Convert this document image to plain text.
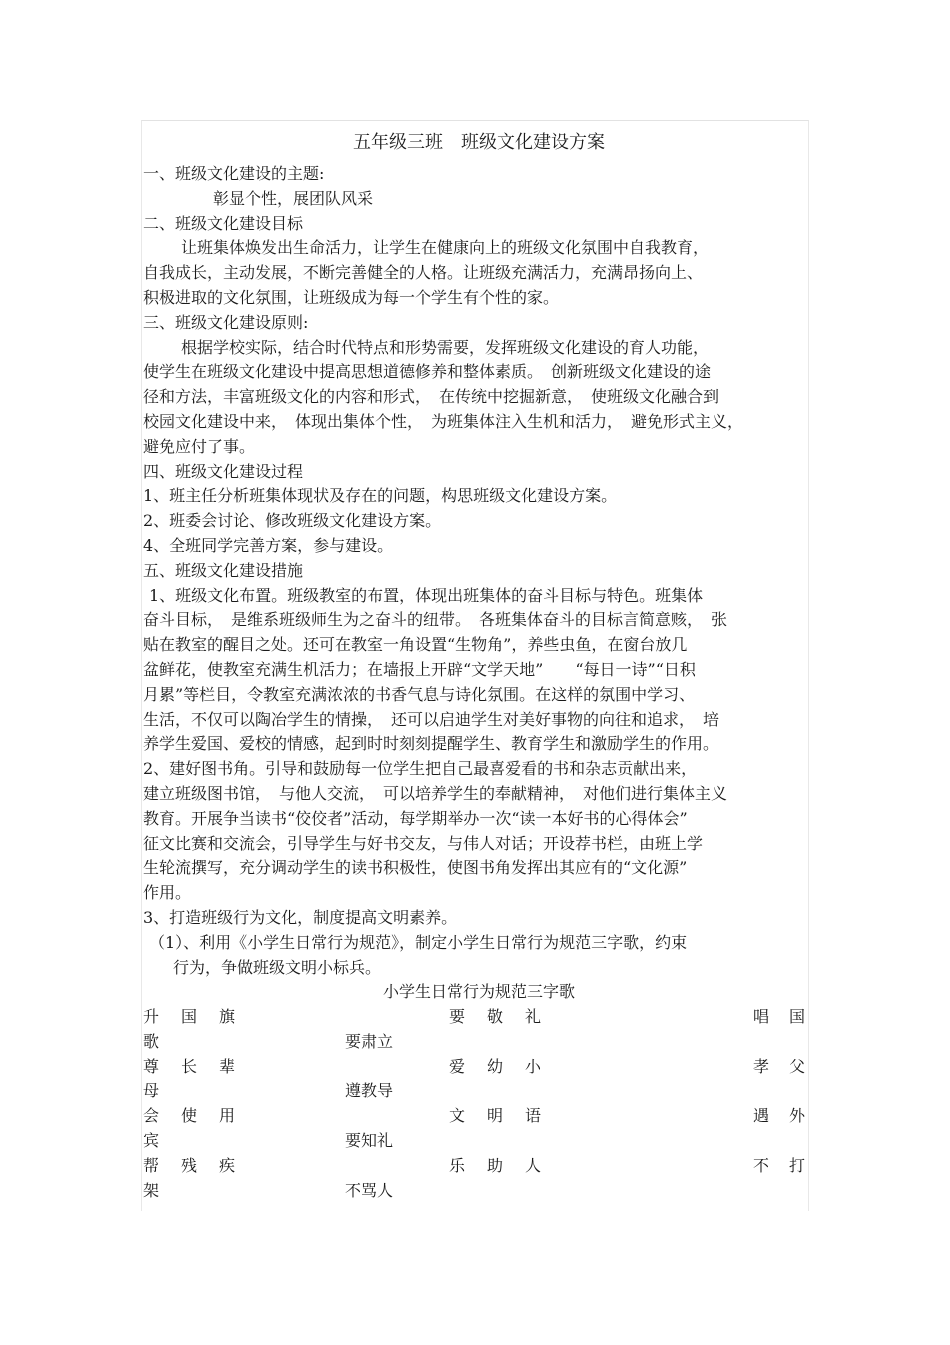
五年级三班　班级文化建设方案
一、班级文化建设的主题:
彰显个性，展团队风采
二、班级文化建设目标
让班集体焕发出生命活力，让学生在健康向上的班级文化氛围中自我教育，
自我成长，主动发展，不断完善健全的人格。让班级充满活力，充满昂扬向上、
积极进取的文化氛围，让班级成为每一个学生有个性的家。
三、班级文化建设原则:
根据学校实际，结合时代特点和形势需要，发挥班级文化建设的育人功能，
使学生在班级文化建设中提高思想道德修养和整体素质。　创新班级文化建设的途
径和方法，丰富班级文化的内容和形式，　在传统中挖掘新意，　使班级文化融合到
校园文化建设中来，　体现出集体个性，　为班集体注入生机和活力，　避免形式主义，
避免应付了事。
四、班级文化建设过程
1、班主任分析班集体现状及存在的问题，构思班级文化建设方案。
2、班委会讨论、修改班级文化建设方案。
4、全班同学完善方案，参与建设。
五、班级文化建设措施
1、班级文化布置。班级教室的布置，体现出班集体的奋斗目标与特色。班集体
奋斗目标，　是维系班级师生为之奋斗的纽带。　各班集体奋斗的目标言简意赅，　张
贴在教室的醒目之处。还可在教室一角设置“生物角”，养些虫鱼，在窗台放几
盆鲜花，使教室充满生机活力；在墙报上开辟“文学天地”　　“每日一诗”“日积
月累”等栏目，令教室充满浓浓的书香气息与诗化氛围。在这样的氛围中学习、
生活，不仅可以陶冶学生的情操，　还可以启迪学生对美好事物的向往和追求，　培
养学生爱国、爱校的情感，起到时时刻刻提醒学生、教育学生和激励学生的作用。
2、建好图书角。引导和鼓励每一位学生把自己最喜爱看的书和杂志贡献出来，
建立班级图书馆，　与他人交流，　可以培养学生的奉献精神，　对他们进行集体主义
教育。开展争当读书“佼佼者”活动，每学期举办一次“读一本好书的心得体会”
征文比赛和交流会，引导学生与好书交友，与伟人对话；开设荐书栏，由班上学
生轮流撰写，充分调动学生的读书积极性，使图书角发挥出其应有的“文化源”
作用。
3、打造班级行为文化，制度提高文明素养。
（1）、利用《小学生日常行为规范》，制定小学生日常行为规范三字歌，约束
行为，争做班级文明小标兵。
小学生日常行为规范三字歌
升国旗	要敬礼	唱国
歌	要肃立
尊长辈	爱幼小	孝父
母	遵教导
会使用	文明语	遇外
宾	要知礼
帮残疾	乐助人	不打
架	不骂人
